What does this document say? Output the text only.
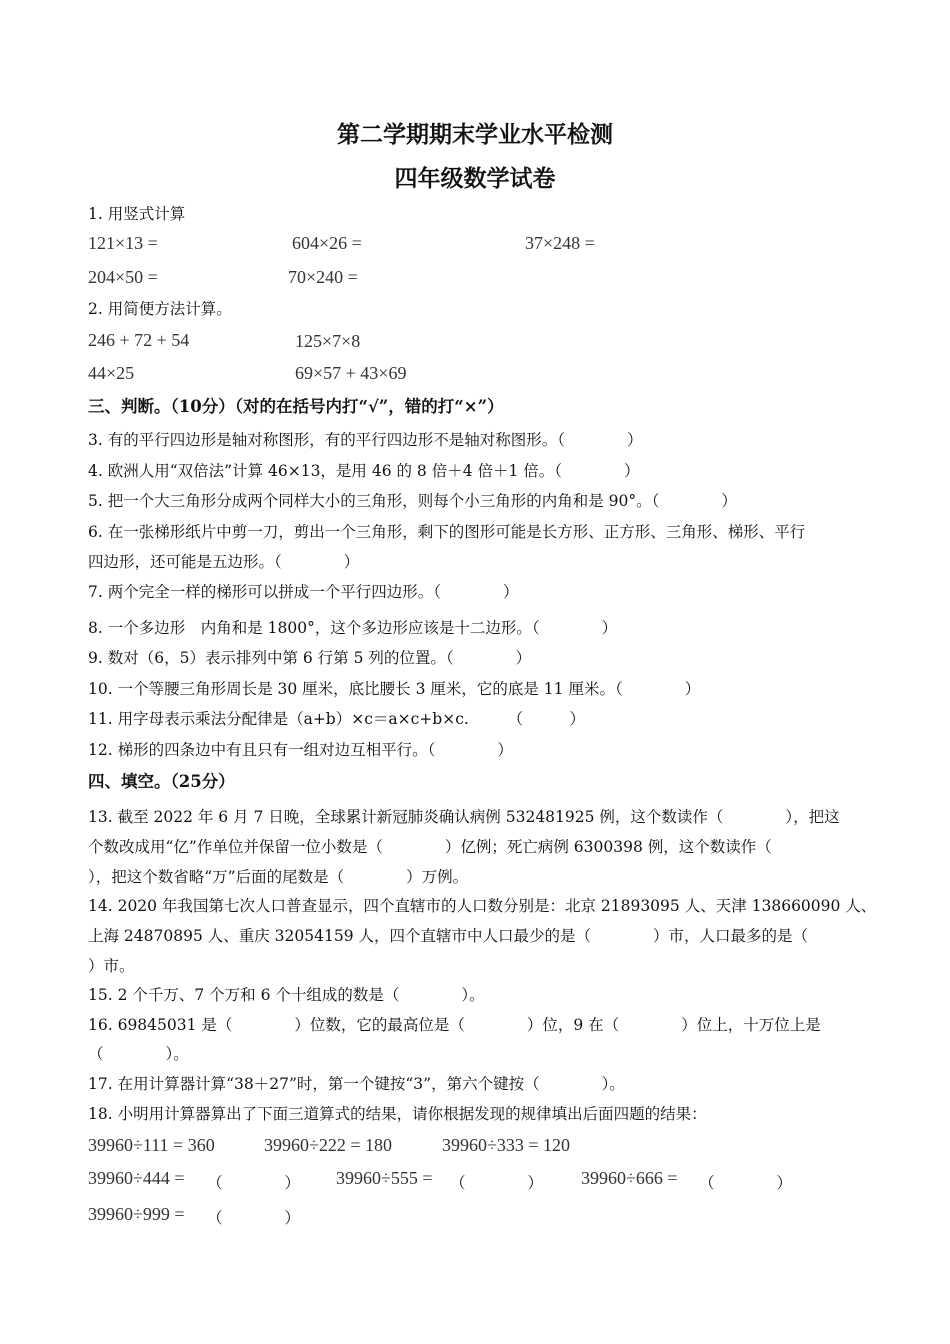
第二学期期末学业水平检测
四年级数学试卷
1. 用竖式计算
121×13 =	604×26 =	37×248 =
204×50 =	70×240 =
2. 用简便方法计算。
246 + 72 + 54	125×7×8
44×25	69×57 + 43×69
三、判断。（10分）（对的在括号内打“√”，错的打“×”）
3. 有的平行四边形是轴对称图形，有的平行四边形不是轴对称图形。（　　　　）
4. 欧洲人用“双倍法”计算 46×13，是用 46 的 8 倍＋4 倍＋1 倍。（　　　　）
5. 把一个大三角形分成两个同样大小的三角形，则每个小三角形的内角和是 90°。（　　　　）
6. 在一张梯形纸片中剪一刀，剪出一个三角形，剩下的图形可能是长方形、正方形、三角形、梯形、平行
四边形，还可能是五边形。（　　　　）
7. 两个完全一样的梯形可以拼成一个平行四边形。（　　　　）
8. 一个多边形　内角和是 1800°，这个多边形应该是十二边形。（　　　　）
9. 数对（6，5）表示排列中第 6 行第 5 列的位置。（　　　　）
10. 一个等腰三角形周长是 30 厘米，底比腰长 3 厘米，它的底是 11 厘米。（　　　　）
11. 用字母表示乘法分配律是（a+b）×c＝a×c+b×c.　　　（　　　）
12. 梯形的四条边中有且只有一组对边互相平行。（　　　　）
四、填空。（25分）
13. 截至 2022 年 6 月 7 日晚，全球累计新冠肺炎确认病例 532481925 例，这个数读作（　　　　），把这
个数改成用“亿”作单位并保留一位小数是（　　　　）亿例；死亡病例 6300398 例，这个数读作（
），把这个数省略“万”后面的尾数是（　　　　）万例。
14. 2020 年我国第七次人口普查显示，四个直辖市的人口数分别是：北京 21893095 人、天津 138660090 人、
上海 24870895 人、重庆 32054159 人，四个直辖市中人口最少的是（　　　　）市，人口最多的是（
）市。
15. 2 个千万、7 个万和 6 个十组成的数是（　　　　）。
16. 69845031 是（　　　　）位数，它的最高位是（　　　　）位，9 在（　　　　）位上，十万位上是
（　　　　）。
17. 在用计算器计算“38＋27”时，第一个键按“3”，第六个键按（　　　　）。
18. 小明用计算器算出了下面三道算式的结果，请你根据发现的规律填出后面四题的结果：
39960÷111 = 360	39960÷222 = 180	39960÷333 = 120
39960÷444 = （　　　　） 39960÷555 = （　　　　） 39960÷666 = （　　　　）
39960÷999 = （　　　　）
